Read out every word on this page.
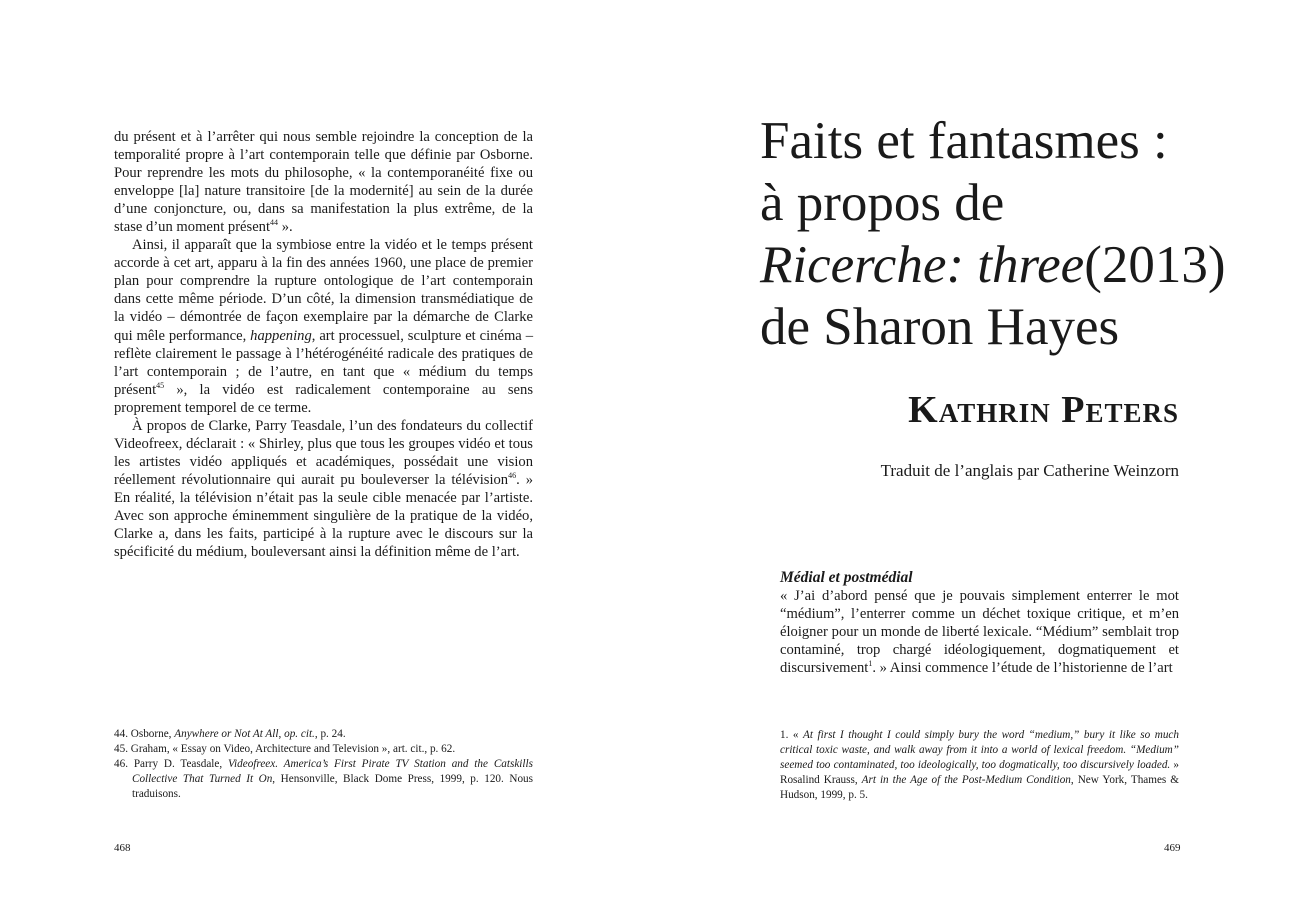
du présent et à l’arrêter qui nous semble rejoindre la conception de la temporalité propre à l’art contemporain telle que définie par Osborne. Pour reprendre les mots du philosophe, « la contemporanéité fixe ou enveloppe [la] nature transitoire [de la modernité] au sein de la durée d’une conjoncture, ou, dans sa manifestation la plus extrême, de la stase d’un moment présent$^{44}$ ».

Ainsi, il apparaît que la symbiose entre la vidéo et le temps présent accorde à cet art, apparu à la fin des années 1960, une place de premier plan pour comprendre la rupture ontologique de l’art contemporain dans cette même période. D’un côté, la dimension transmédiatique de la vidéo – démontrée de façon exemplaire par la démarche de Clarke qui mêle performance, happening, art processuel, sculpture et cinéma – reflète clairement le passage à l’hétérogénéité radicale des pratiques de l’art contemporain ; de l’autre, en tant que « médium du temps présent$^{45}$ », la vidéo est radicalement contemporaine au sens proprement temporel de ce terme.

À propos de Clarke, Parry Teasdale, l’un des fondateurs du collectif Videofreex, déclarait : « Shirley, plus que tous les groupes vidéo et tous les artistes vidéo appliqués et académiques, possédait une vision réellement révolutionnaire qui aurait pu bouleverser la télévision$^{46}$. » En réalité, la télévision n’était pas la seule cible menacée par l’artiste. Avec son approche éminemment singulière de la pratique de la vidéo, Clarke a, dans les faits, participé à la rupture avec le discours sur la spécificité du médium, bouleversant ainsi la définition même de l’art.

44. Osborne, Anywhere or Not At All, op. cit., p. 24.

45. Graham, « Essay on Video, Architecture and Television », art. cit., p. 62.

46. Parry D. Teasdale, Videofreex. America’s First Pirate TV Station and the Catskills Collective That Turned It On, Hensonville, Black Dome Press, 1999, p. 120. Nous traduisons.

468
Faits et fantasmes :
à propos de
Ricerche: three(2013)
de Sharon Hayes
Kathrin Peters
Traduit de l’anglais par Catherine Weinzorn
Médial et postmédial

« J’ai d’abord pensé que je pouvais simplement enterrer le mot “médium”, l’enterrer comme un déchet toxique critique, et m’en éloigner pour un monde de liberté lexicale. “Médium” semblait trop contaminé, trop chargé idéologiquement, dogmatiquement et discursivement$^1$. » Ainsi commence l’étude de l’historienne de l’art

1. « At first I thought I could simply bury the word “medium,” bury it like so much critical toxic waste, and walk away from it into a world of lexical freedom. “Medium” seemed too contaminated, too ideologically, too dogmatically, too discursively loaded. » Rosalind Krauss, Art in the Age of the Post-Medium Condition, New York, Thames & Hudson, 1999, p. 5.

469
